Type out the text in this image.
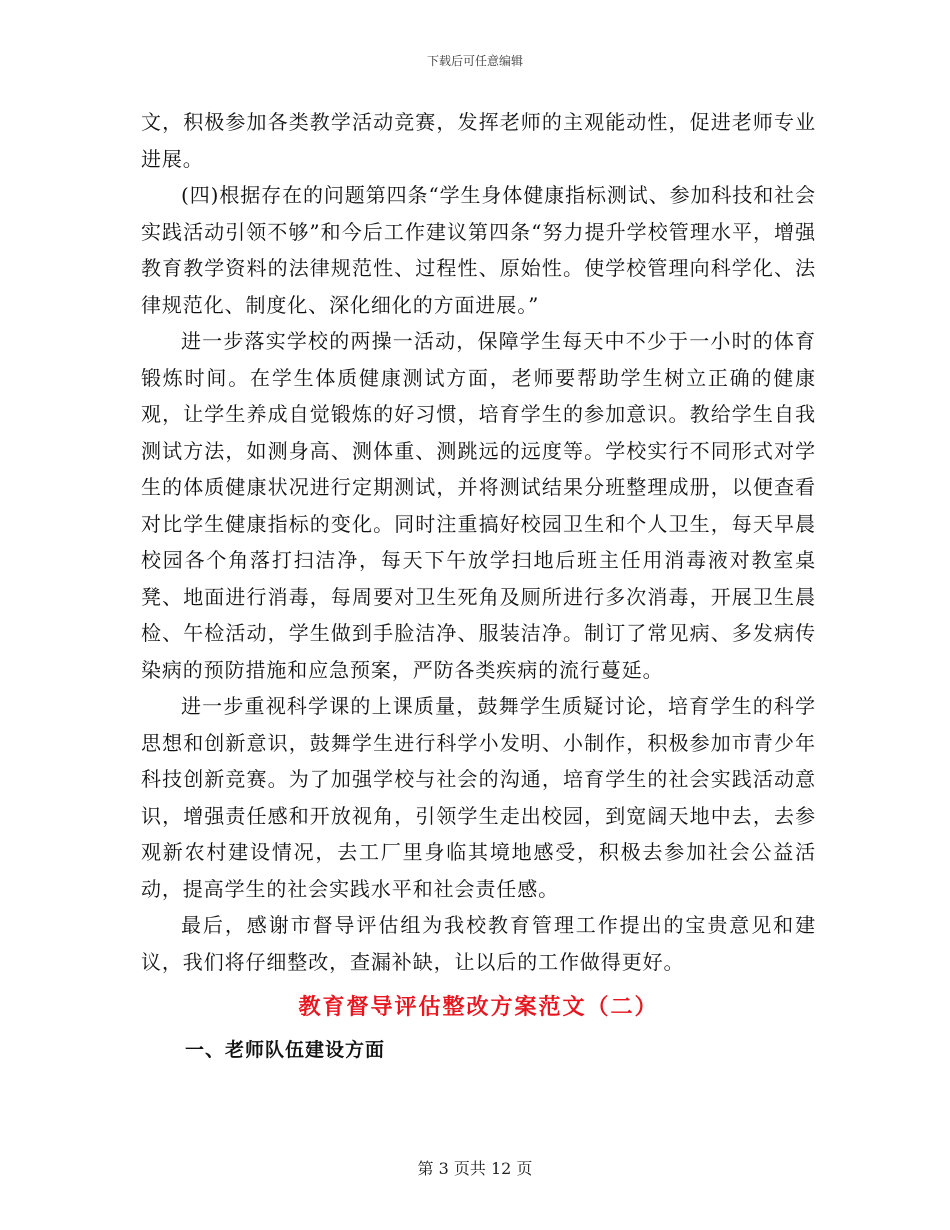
下载后可任意编辑

文，积极参加各类教学活动竞赛，发挥老师的主观能动性，促进老师专业进展。

(四)根据存在的问题第四条“学生身体健康指标测试、参加科技和社会实践活动引领不够”和今后工作建议第四条“努力提升学校管理水平，增强教育教学资料的法律规范性、过程性、原始性。使学校管理向科学化、法律规范化、制度化、深化细化的方面进展。”

进一步落实学校的两操一活动，保障学生每天中不少于一小时的体育锻炼时间。在学生体质健康测试方面，老师要帮助学生树立正确的健康观，让学生养成自觉锻炼的好习惯，培育学生的参加意识。教给学生自我测试方法，如测身高、测体重、测跳远的远度等。学校实行不同形式对学生的体质健康状况进行定期测试，并将测试结果分班整理成册，以便查看对比学生健康指标的变化。同时注重搞好校园卫生和个人卫生，每天早晨校园各个角落打扫洁净，每天下午放学扫地后班主任用消毒液对教室桌凳、地面进行消毒，每周要对卫生死角及厕所进行多次消毒，开展卫生晨检、午检活动，学生做到手脸洁净、服装洁净。制订了常见病、多发病传染病的预防措施和应急预案，严防各类疾病的流行蔓延。

进一步重视科学课的上课质量，鼓舞学生质疑讨论，培育学生的科学思想和创新意识，鼓舞学生进行科学小发明、小制作，积极参加市青少年科技创新竞赛。为了加强学校与社会的沟通，培育学生的社会实践活动意识，增强责任感和开放视角，引领学生走出校园，到宽阔天地中去，去参观新农村建设情况，去工厂里身临其境地感受，积极去参加社会公益活动，提高学生的社会实践水平和社会责任感。

最后，感谢市督导评估组为我校教育管理工作提出的宝贵意见和建议，我们将仔细整改，查漏补缺，让以后的工作做得更好。

教育督导评估整改方案范文（二）
一、老师队伍建设方面
第 3 页共 12 页
